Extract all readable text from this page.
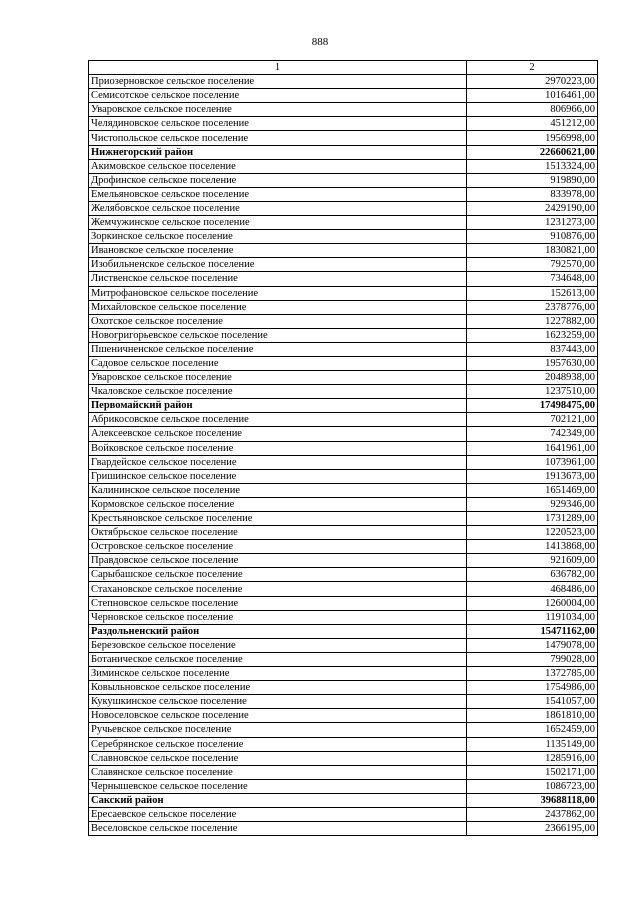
888
1	2
Приозерновское сельское поселение	2970223,00
Семисотское сельское поселение	1016461,00
Уваровское сельское поселение	806966,00
Челядиновское сельское поселение	451212,00
Чистопольское сельское поселение	1956998,00
Нижнегорский район	22660621,00
Акимовское сельское поселение	1513324,00
Дрофинское сельское поселение	919890,00
Емельяновское сельское поселение	833978,00
Желябовское сельское поселение	2429190,00
Жемчужинское сельское поселение	1231273,00
Зоркинское сельское поселение	910876,00
Ивановское сельское поселение	1830821,00
Изобильненское сельское поселение	792570,00
Лиственское сельское поселение	734648,00
Митрофановское сельское поселение	152613,00
Михайловское сельское поселение	2378776,00
Охотское сельское поселение	1227882,00
Новогригорьевское сельское поселение	1623259,00
Пшеничненское сельское поселение	837443,00
Садовое сельское поселение	1957630,00
Уваровское сельское поселение	2048938,00
Чкаловское сельское поселение	1237510,00
Первомайский район	17498475,00
Абрикосовское сельское поселение	702121,00
Алексеевское сельское поселение	742349,00
Войковское сельское поселение	1641961,00
Гвардейское сельское поселение	1073961,00
Гришинское сельское поселение	1913673,00
Калининское сельское поселение	1651469,00
Кормовское сельское поселение	929346,00
Крестьяновское сельское поселение	1731289,00
Октябрьское сельское поселение	1220523,00
Островское сельское поселение	1413868,00
Правдовское сельское поселение	921609,00
Сарыбашское сельское поселение	636782,00
Стахановское сельское поселение	468486,00
Степновское сельское поселение	1260004,00
Черновское сельское поселение	1191034,00
Раздольненский район	15471162,00
Березовское сельское поселение	1479078,00
Ботаническое сельское поселение	799028,00
Зиминское сельское поселение	1372785,00
Ковыльновское сельское поселение	1754986,00
Кукушкинское сельское поселение	1541057,00
Новоселовское сельское поселение	1861810,00
Ручьевское сельское поселение	1652459,00
Серебрянское сельское поселение	1135149,00
Славновское сельское поселение	1285916,00
Славянское сельское поселение	1502171,00
Чернышевское сельское поселение	1086723,00
Сакский район	39688118,00
Ересаевское сельское поселение	2437862,00
Веселовское сельское поселение	2366195,00
